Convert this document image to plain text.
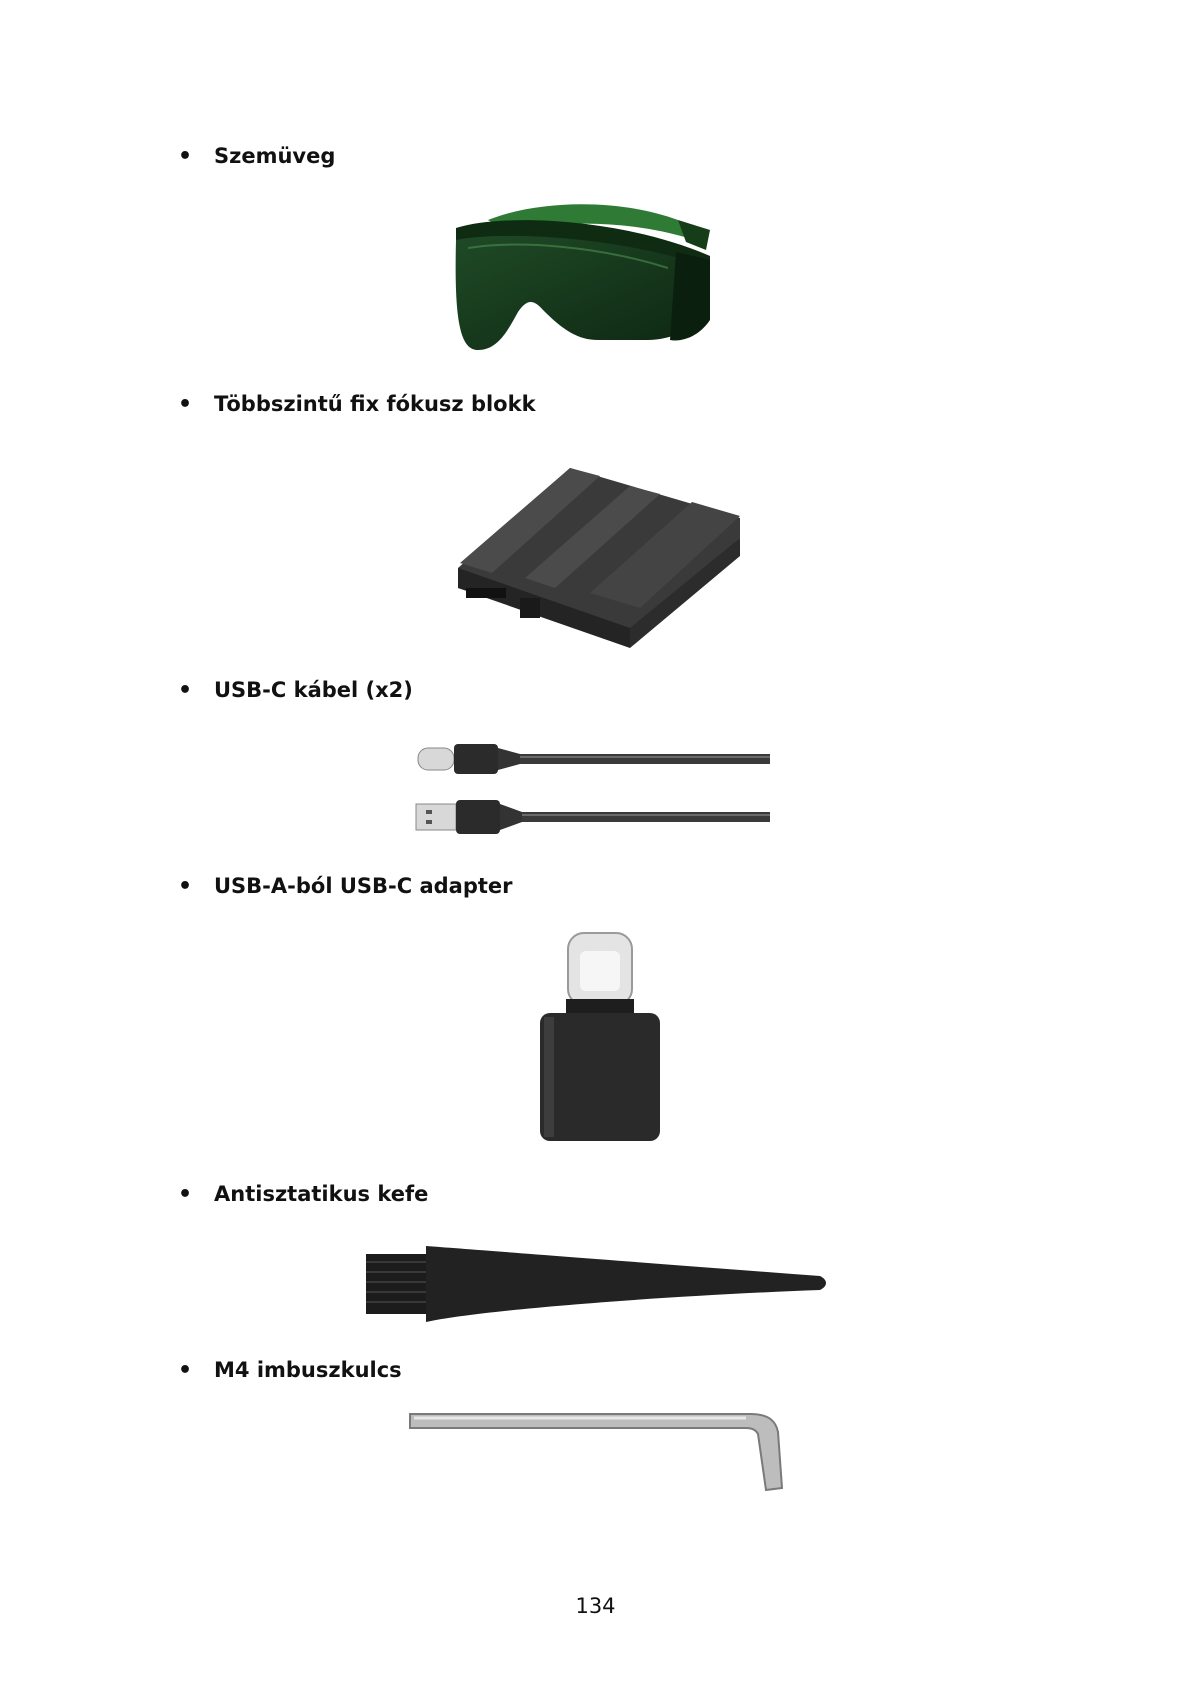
• Szemüveg
• Többszintű fix fókusz blokk
• USB-C kábel (x2)
• USB-A-ból USB-C adapter
• Antisztatikus kefe
• M4 imbuszkulcs
134
